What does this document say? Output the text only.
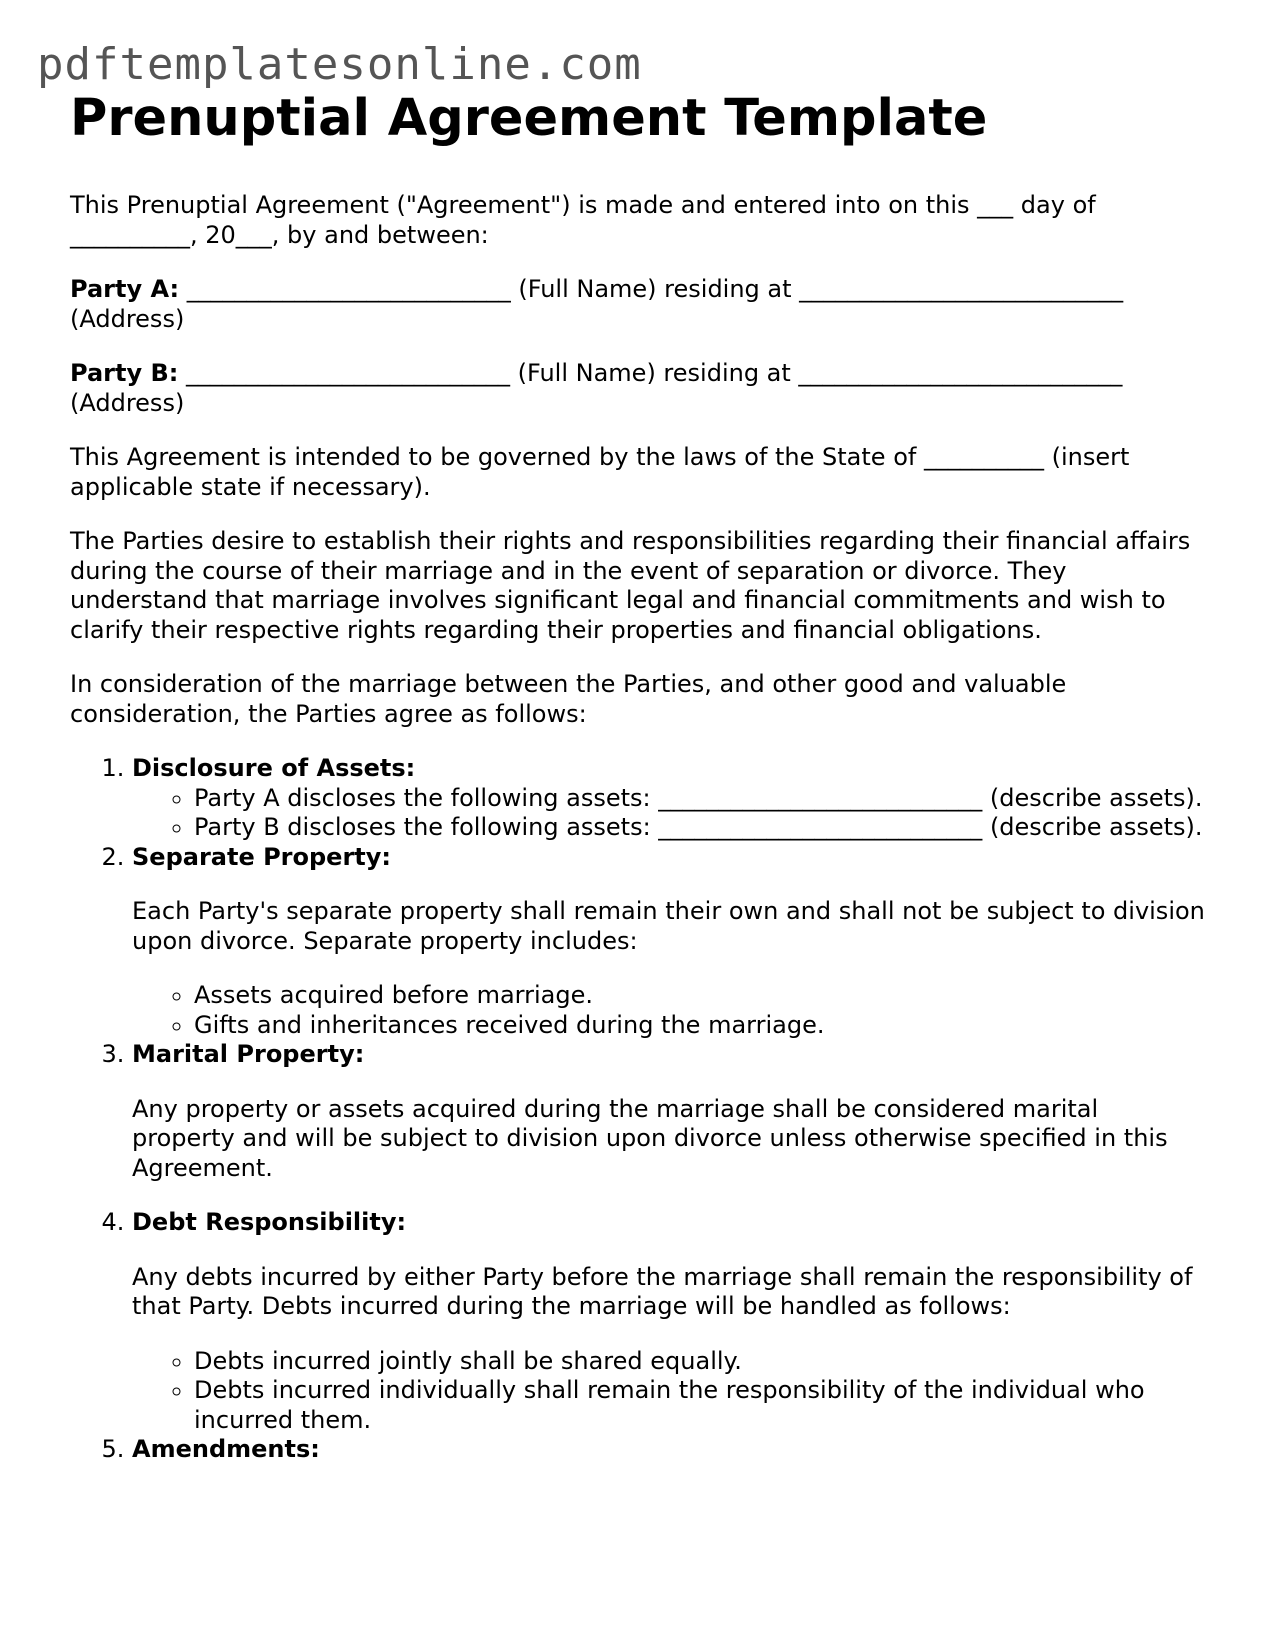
pdftemplatesonline.com
Prenuptial Agreement Template

This Prenuptial Agreement ("Agreement") is made and entered into on this ___ day of __________, 20___, by and between:

Party A: ___________________________ (Full Name) residing at ___________________________ (Address)

Party B: ___________________________ (Full Name) residing at ___________________________ (Address)

This Agreement is intended to be governed by the laws of the State of __________ (insert applicable state if necessary).

The Parties desire to establish their rights and responsibilities regarding their financial affairs during the course of their marriage and in the event of separation or divorce. They understand that marriage involves significant legal and financial commitments and wish to clarify their respective rights regarding their properties and financial obligations.

In consideration of the marriage between the Parties, and other good and valuable consideration, the Parties agree as follows:

1. Disclosure of Assets:
◦ Party A discloses the following assets: ___________________________ (describe assets).
◦ Party B discloses the following assets: ___________________________ (describe assets).
2. Separate Property:

Each Party's separate property shall remain their own and shall not be subject to division upon divorce. Separate property includes:

◦ Assets acquired before marriage.
◦ Gifts and inheritances received during the marriage.
3. Marital Property:

Any property or assets acquired during the marriage shall be considered marital property and will be subject to division upon divorce unless otherwise specified in this Agreement.

4. Debt Responsibility:

Any debts incurred by either Party before the marriage shall remain the responsibility of that Party. Debts incurred during the marriage will be handled as follows:

◦ Debts incurred jointly shall be shared equally.
◦ Debts incurred individually shall remain the responsibility of the individual who incurred them.
5. Amendments:
